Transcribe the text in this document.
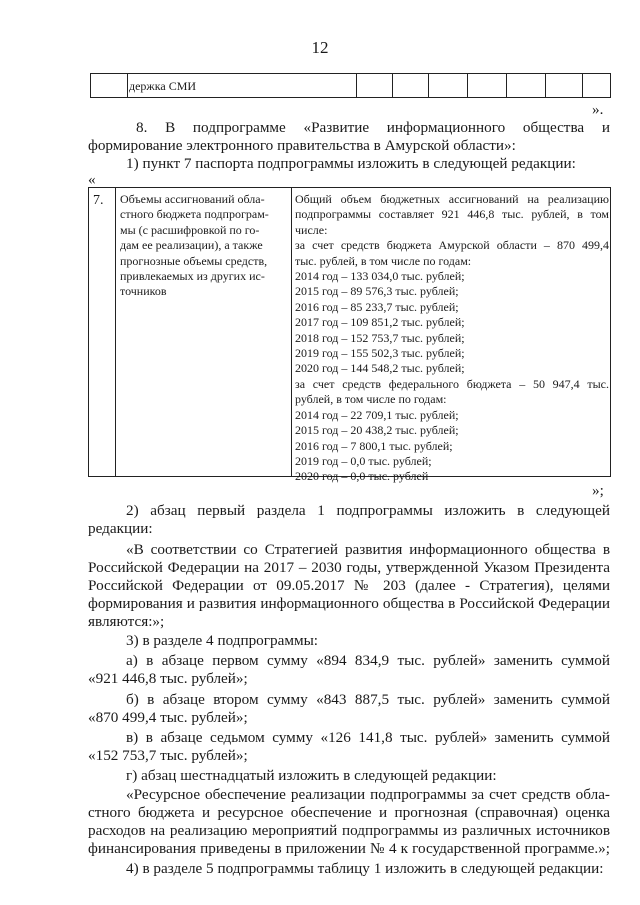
12
держка СМИ
».
8. В подпрограмме «Развитие информационного общества и
формирование электронного правительства в Амурской области»:
1) пункт 7 паспорта подпрограммы изложить в следующей редакции:
«
7. Объемы ассигнований обла-
стного бюджета подпрограм-
мы (с расшифровкой по го-
дам ее реализации), а также
прогнозные объемы средств,
привлекаемых из других ис-
точников
Общий объем бюджетных ассигнований на реализацию
подпрограммы составляет 921 446,8 тыс. рублей, в том
числе:
за счет средств бюджета Амурской области – 870 499,4
тыс. рублей, в том числе по годам:
2014 год – 133 034,0 тыс. рублей;
2015 год – 89 576,3 тыс. рублей;
2016 год – 85 233,7 тыс. рублей;
2017 год – 109 851,2 тыс. рублей;
2018 год – 152 753,7 тыс. рублей;
2019 год – 155 502,3 тыс. рублей;
2020 год – 144 548,2 тыс. рублей;
за счет средств федерального бюджета – 50 947,4 тыс.
рублей, в том числе по годам:
2014 год – 22 709,1 тыс. рублей;
2015 год – 20 438,2 тыс. рублей;
2016 год – 7 800,1 тыс. рублей;
2019 год – 0,0 тыс. рублей;
2020 год – 0,0 тыс. рублей
»;
2) абзац первый раздела 1 подпрограммы изложить в следующей
редакции:
«В соответствии со Стратегией развития информационного общества в
Российской Федерации на 2017 – 2030 годы, утвержденной Указом Президента
Российской Федерации от 09.05.2017 № 203 (далее - Стратегия), целями
формирования и развития информационного общества в Российской Федерации
являются:»;
3) в разделе 4 подпрограммы:
а) в абзаце первом сумму «894 834,9 тыс. рублей» заменить суммой
«921 446,8 тыс. рублей»;
б) в абзаце втором сумму «843 887,5 тыс. рублей» заменить суммой
«870 499,4 тыс. рублей»;
в) в абзаце седьмом сумму «126 141,8 тыс. рублей» заменить суммой
«152 753,7 тыс. рублей»;
г) абзац шестнадцатый изложить в следующей редакции:
«Ресурсное обеспечение реализации подпрограммы за счет средств обла-
стного бюджета и ресурсное обеспечение и прогнозная (справочная) оценка
расходов на реализацию мероприятий подпрограммы из различных источников
финансирования приведены в приложении № 4 к государственной программе.»;
4) в разделе 5 подпрограммы таблицу 1 изложить в следующей редакции:
